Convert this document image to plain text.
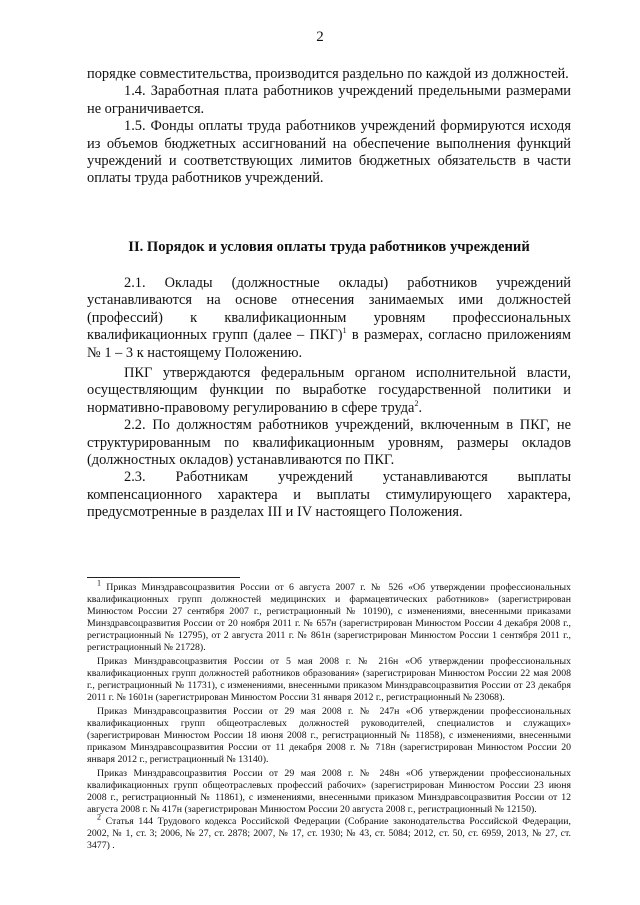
2

порядке совместительства, производится раздельно по каждой из должностей.

1.4. Заработная плата работников учреждений предельными размерами не ограничивается.

1.5. Фонды оплаты труда работников учреждений формируются исходя из объемов бюджетных ассигнований на обеспечение выполнения функций учреждений и соответствующих лимитов бюджетных обязательств в части оплаты труда работников учреждений.

II. Порядок и условия оплаты труда работников учреждений

2.1. Оклады (должностные оклады) работников учреждений устанавливаются на основе отнесения занимаемых ими должностей (профессий) к квалификационным уровням профессиональных квалификационных групп (далее – ПКГ)$^1$ в размерах, согласно приложениям № 1 – 3 к настоящему Положению.

ПКГ утверждаются федеральным органом исполнительной власти, осуществляющим функции по выработке государственной политики и нормативно-правовому регулированию в сфере труда$^2$.

2.2. По должностям работников учреждений, включенным в ПКГ, не структурированным по квалификационным уровням, размеры окладов (должностных окладов) устанавливаются по ПКГ.

2.3. Работникам учреждений устанавливаются выплаты компенсационного характера и выплаты стимулирующего характера, предусмотренные в разделах III и IV настоящего Положения.

$^1$ Приказ Минздравсоцразвития России от 6 августа 2007 г. № 526 «Об утверждении профессиональных квалификационных групп должностей медицинских и фармацевтических работников» (зарегистрирован Минюстом России 27 сентября 2007 г., регистрационный № 10190), с изменениями, внесенными приказами Минздравсоцразвития России от 20 ноября 2011 г. № 657н (зарегистрирован Минюстом России 4 декабря 2008 г., регистрационный № 12795), от 2 августа 2011 г. № 861н (зарегистрирован Минюстом России 1 сентября 2011 г., регистрационный № 21728).

Приказ Минздравсоцразвития России от 5 мая 2008 г. № 216н «Об утверждении профессиональных квалификационных групп должностей работников образования» (зарегистрирован Минюстом России 22 мая 2008 г., регистрационный № 11731), с изменениями, внесенными приказом Минздравсоцразвития России от 23 декабря 2011 г. № 1601н (зарегистрирован Минюстом России 31 января 2012 г., регистрационный № 23068).

Приказ Минздравсоцразвития России от 29 мая 2008 г. № 247н «Об утверждении профессиональных квалификационных групп общеотраслевых должностей руководителей, специалистов и служащих» (зарегистрирован Минюстом России 18 июня 2008 г., регистрационный № 11858), с изменениями, внесенными приказом Минздравсоцразвития России от 11 декабря 2008 г. № 718н (зарегистрирован Минюстом России 20 января 2012 г., регистрационный № 13140).

Приказ Минздравсоцразвития России от 29 мая 2008 г. № 248н «Об утверждении профессиональных квалификационных групп общеотраслевых профессий рабочих» (зарегистрирован Минюстом России 23 июня 2008 г., регистрационный № 11861), с изменениями, внесенными приказом Минздравсоцразвития России от 12 августа 2008 г. № 417н (зарегистрирован Минюстом России 20 августа 2008 г., регистрационный № 12150).

$^2$ Статья 144 Трудового кодекса Российской Федерации (Собрание законодательства Российской Федерации, 2002, № 1, ст. 3; 2006, № 27, ст. 2878; 2007, № 17, ст. 1930; № 43, ст. 5084; 2012, ст. 50, ст. 6959, 2013, № 27, ст. 3477) .
